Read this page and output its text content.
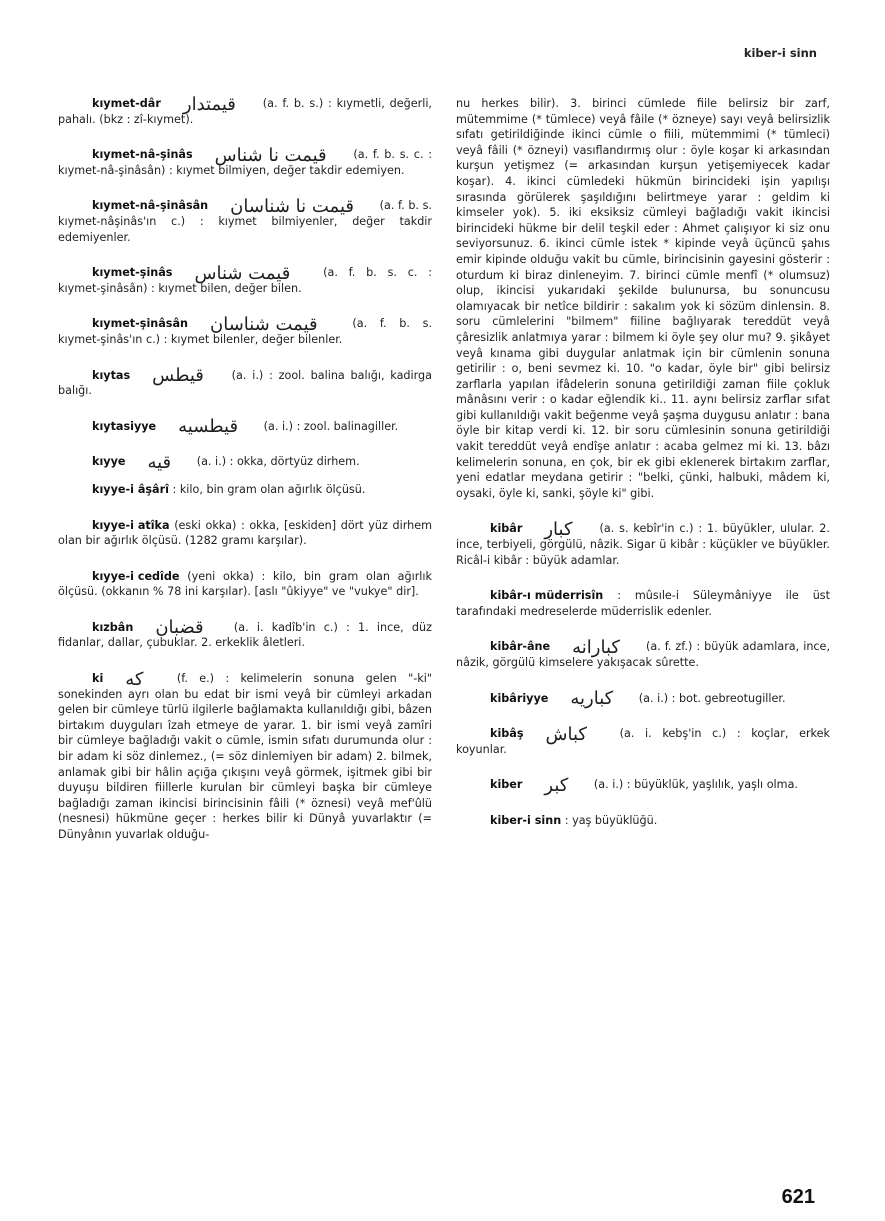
kiber-i sinn
kıymet-dâr قيمتدار (a. f. b. s.) : kıymetli, değerli, pahalı. (bkz : zî-kıymet).
kıymet-nâ-şinâs قيمت نا شناس (a. f. b. s. c. : kıymet-nâ-şinâsân) : kıymet bilmiyen, değer takdir edemiyen.
kıymet-nâ-şinâsân قيمت نا شناسان (a. f. b. s. kıymet-nâşinâs'ın c.) : kıymet bilmiyenler, değer takdir edemiyenler.
kıymet-şinâs قيمت شناس	(a. f. b. s. c. : kıymet-şinâsân) : kıymet bilen, değer bilen.
kıymet-şinâsân قيمت شناسان	(a. f. b. s. kıymet-şinâs'ın c.) : kıymet bilenler, değer bilenler.
kıytas قيطس (a. i.) : zool. balina balığı, kadirga balığı.
kıytasiyye قيطسيه (a. i.) : zool. balinagiller.
kıyye قيه (a. i.) : okka, dörtyüz dirhem.
kıyye-i âşârî : kilo, bin gram olan ağırlık ölçüsü.
kıyye-i atîka (eski okka) : okka, [eskiden] dört yüz dirhem olan bir ağırlık ölçüsü. (1282 gramı karşılar).
kıyye-i cedîde (yeni okka) : kilo, bin gram olan ağırlık ölçüsü. (okkanın % 78 ini karşılar). [aslı "ûkiyye" ve "vukye" dir].
kızbân قضبان	(a. i. kadîb'in c.) : 1. ince, düz fidanlar, dallar, çubuklar. 2. erkeklik âletleri.
ki كه	(f. e.) : kelimelerin sonuna gelen "-ki" sonekinden ayrı olan bu edat bir ismi veyâ bir cümleyi arkadan gelen bir cümleye türlü ilgilerle bağlamakta kullanıldığı gibi, bâzen birtakım duyguları îzah etmeye de yarar. 1. bir ismi veyâ zamîri bir cümleye bağladığı vakit o cümle, ismin sıfatı durumunda olur : bir adam ki söz dinlemez., (= söz dinlemiyen bir adam) 2. bilmek, anlamak gibi bir hâlin açığa çıkışını veyâ görmek, işitmek gibi bir duyuşu bildiren fiillerle kurulan bir cümleyi başka bir cümleye bağladığı zaman ikincisi birincisinin fâili (* öznesi) veyâ mef'ûlü (nesnesi) hükmüne geçer : herkes bilir ki Dünyâ yuvarlaktır (= Dünyânın yuvarlak olduğu-
nu herkes bilir). 3. birinci cümlede fiile belirsiz bir zarf, mütemmime (* tümlece) veyâ fâile (* özneye) sayı veyâ belirsizlik sıfatı getirildiğinde ikinci cümle o fiili, mütemmimi (* tümleci) veyâ fâili (* özneyi) vasıflandırmış olur : öyle koşar ki arkasından kurşun yetişmez (= arkasından kurşun yetişemiyecek kadar koşar). 4. ikinci cümledeki hükmün birincideki işin yapılışı sırasında görülerek şaşıldığını belirtmeye yarar : geldim ki kimseler yok). 5. iki eksiksiz cümleyi bağladığı vakit ikincisi birincideki hükme bir delil teşkil eder : Ahmet çalışıyor ki siz onu seviyorsunuz. 6. ikinci cümle istek * kipinde veyâ üçüncü şahıs emir kipinde olduğu vakit bu cümle, birincisinin gayesini gösterir : oturdum ki biraz dinleneyim. 7. birinci cümle menfî (* olumsuz) olup, ikincisi yukarıdaki şekilde bulunursa, bu sonuncusu olamıyacak bir netîce bildirir : sakalım yok ki sözüm dinlensin. 8. soru cümlelerini "bilmem" fiiline bağlıyarak tereddüt veyâ çâresizlik anlatmıya yarar : bilmem ki öyle şey olur mu? 9. şikâyet veyâ kınama gibi duygular anlatmak için bir cümlenin sonuna getirilir : o, beni sevmez ki. 10. "o kadar, öyle bir" gibi belirsiz zarflarla yapılan ifâdelerin sonuna getirildiği zaman fiile çokluk mânâsını verir : o kadar eğlendik ki.. 11. aynı belirsiz zarflar sıfat gibi kullanıldığı vakit beğenme veyâ şaşma duygusu anlatır : bana öyle bir kitap verdi ki. 12. bir soru cümlesinin sonuna getirildiği vakit tereddüt veyâ endîşe anlatır : acaba gelmez mi ki. 13. bâzı kelimelerin sonuna, en çok, bir ek gibi eklenerek birtakım zarflar, yeni edatlar meydana getirir : "belki, çünki, halbuki, mâdem ki, oysaki, öyle ki, sanki, şöyle ki" gibi.
kibâr كبار (a. s. kebîr'in c.) : 1. büyükler, ulular. 2. ince, terbiyeli, görgülü, nâzik. Sigar ü kibâr : küçükler ve büyükler. Ricâl-i kibâr : büyük adamlar.
kibâr-ı müderrisîn : mûsıle-i Süleymâniyye ile üst tarafındaki medreselerde müderrislik edenler.
kibâr-âne كبارانه (a. f. zf.) : büyük adamlara, ince, nâzik, görgülü kimselere yakışacak sûrette.
kibâriyye كباريه (a. i.) : bot. gebreotugiller.
kibâş كباش	(a. i. kebş'in c.) : koçlar, erkek koyunlar.
kiber كبر (a. i.) : büyüklük, yaşlılık, yaşlı olma.
kiber-i sinn : yaş büyüklüğü.
621
